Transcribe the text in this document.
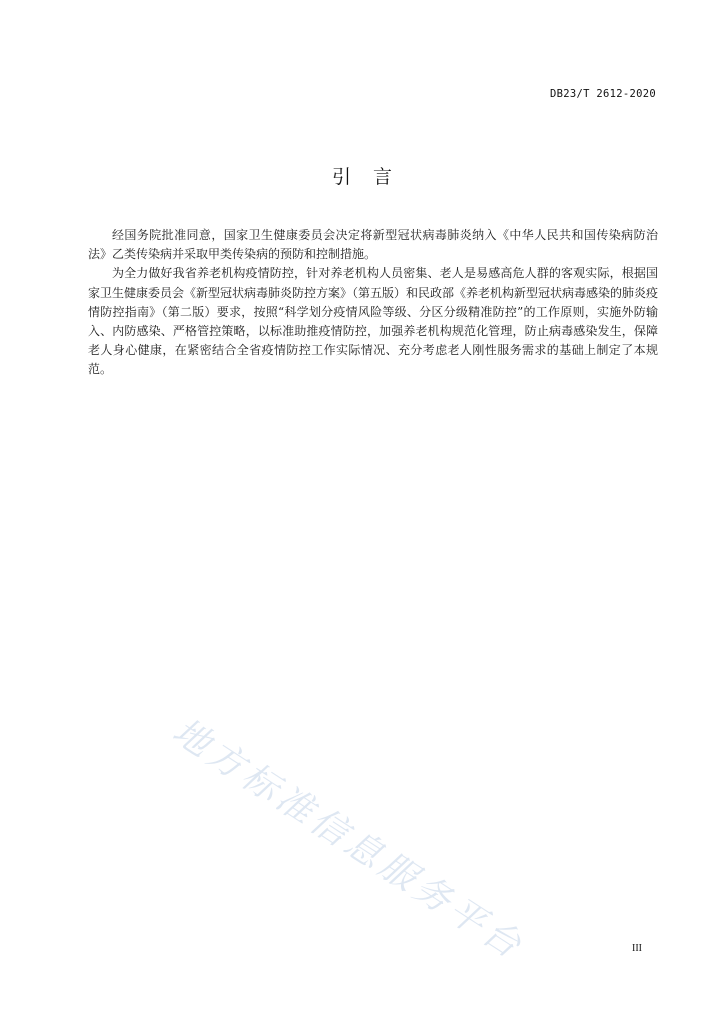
DB23/T 2612-2020
引言

经国务院批准同意，国家卫生健康委员会决定将新型冠状病毒肺炎纳入《中华人民共和国传染病防治法》乙类传染病并采取甲类传染病的预防和控制措施。

为全力做好我省养老机构疫情防控，针对养老机构人员密集、老人是易感高危人群的客观实际，根据国家卫生健康委员会《新型冠状病毒肺炎防控方案》（第五版）和民政部《养老机构新型冠状病毒感染的肺炎疫情防控指南》（第二版）要求，按照“科学划分疫情风险等级、分区分级精准防控”的工作原则，实施外防输入、内防感染、严格管控策略，以标准助推疫情防控，加强养老机构规范化管理，防止病毒感染发生，保障老人身心健康，在紧密结合全省疫情防控工作实际情况、充分考虑老人刚性服务需求的基础上制定了本规范。

地方标准信息服务平台	III
